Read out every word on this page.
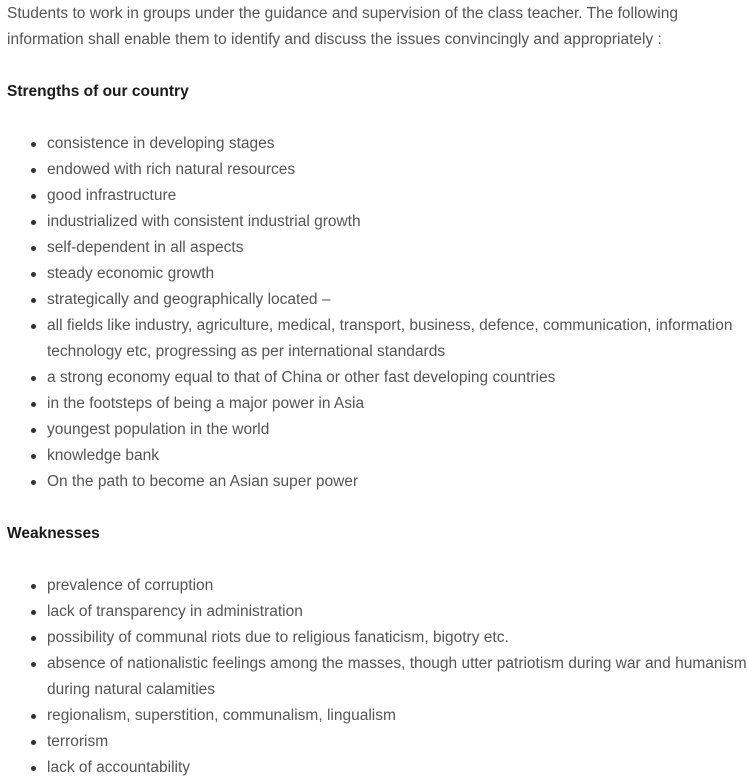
Students to work in groups under the guidance and supervision of the class teacher. The following information shall enable them to identify and discuss the issues convincingly and appropriately :

Strengths of our country

consistence in developing stages
endowed with rich natural resources
good infrastructure
industrialized with consistent industrial growth
self-dependent in all aspects
steady economic growth
strategically and geographically located –
all fields like industry, agriculture, medical, transport, business, defence, communication, information technology etc, progressing as per international standards
a strong economy equal to that of China or other fast developing countries
in the footsteps of being a major power in Asia
youngest population in the world
knowledge bank
On the path to become an Asian super power

Weaknesses

prevalence of corruption
lack of transparency in administration
possibility of communal riots due to religious fanaticism, bigotry etc.
absence of nationalistic feelings among the masses, though utter patriotism during war and humanism during natural calamities
regionalism, superstition, communalism, lingualism
terrorism
lack of accountability
